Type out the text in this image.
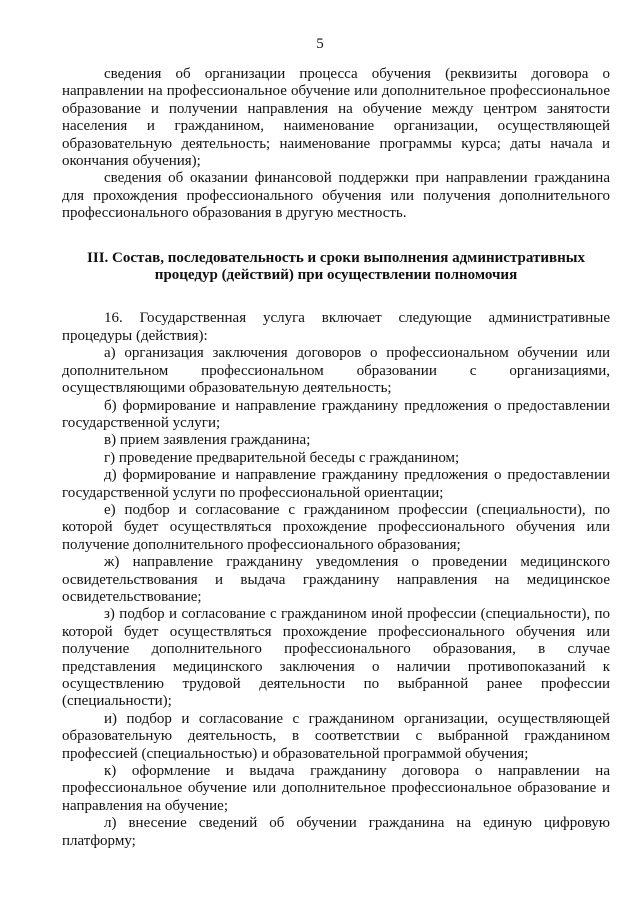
5

сведения об организации процесса обучения (реквизиты договора о направлении на профессиональное обучение или дополнительное профессиональное образование и получении направления на обучение между центром занятости населения и гражданином, наименование организации, осуществляющей образовательную деятельность; наименование программы курса; даты начала и окончания обучения);

сведения об оказании финансовой поддержки при направлении гражданина для прохождения профессионального обучения или получения дополнительного профессионального образования в другую местность.

III. Состав, последовательность и сроки выполнения административных
процедур (действий) при осуществлении полномочия

16. Государственная услуга включает следующие административные процедуры (действия):

а) организация заключения договоров о профессиональном обучении или дополнительном профессиональном образовании с организациями, осуществляющими образовательную деятельность;

б) формирование и направление гражданину предложения о предоставлении государственной услуги;

в) прием заявления гражданина;

г) проведение предварительной беседы с гражданином;

д) формирование и направление гражданину предложения о предоставлении государственной услуги по профессиональной ориентации;

е) подбор и согласование с гражданином профессии (специальности), по которой будет осуществляться прохождение профессионального обучения или получение дополнительного профессионального образования;

ж) направление гражданину уведомления о проведении медицинского освидетельствования и выдача гражданину направления на медицинское освидетельствование;

з) подбор и согласование с гражданином иной профессии (специальности), по которой будет осуществляться прохождение профессионального обучения или получение дополнительного профессионального образования, в случае представления медицинского заключения о наличии противопоказаний к осуществлению трудовой деятельности по выбранной ранее профессии (специальности);

и) подбор и согласование с гражданином организации, осуществляющей образовательную деятельность, в соответствии с выбранной гражданином профессией (специальностью) и образовательной программой обучения;

к) оформление и выдача гражданину договора о направлении на профессиональное обучение или дополнительное профессиональное образование и направления на обучение;

л) внесение сведений об обучении гражданина на единую цифровую платформу;
